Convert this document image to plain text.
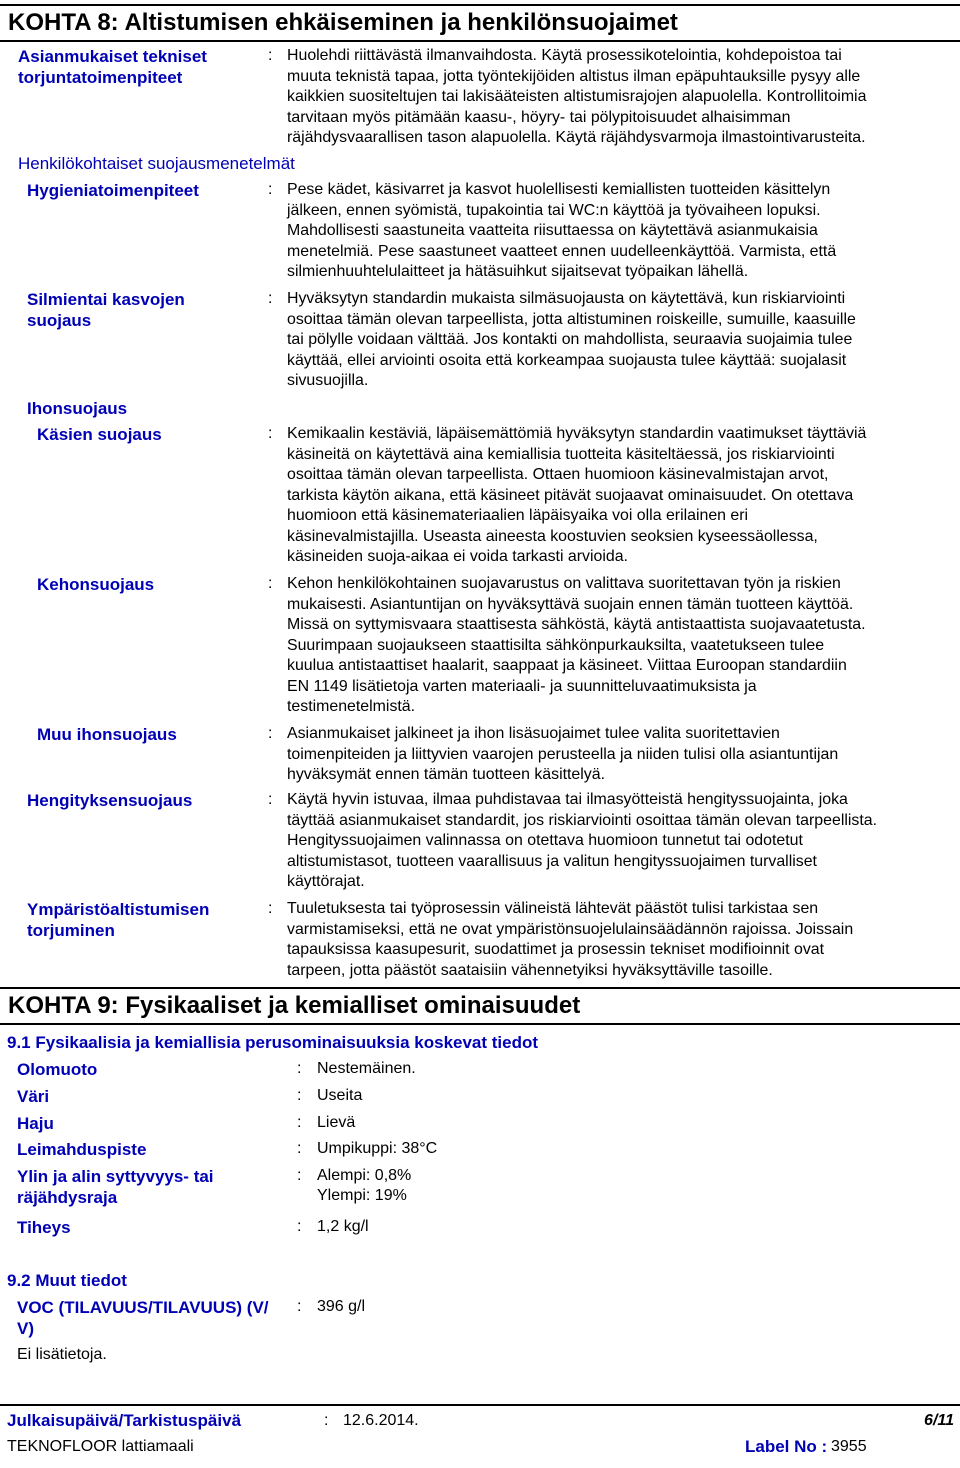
KOHTA 8: Altistumisen ehkäiseminen ja henkilönsuojaimet
Asianmukaiset tekniset
torjuntatoimenpiteet
: Huolehdi riittävästä ilmanvaihdosta. Käytä prosessikotelointia, kohdepoistoa tai
muuta teknistä tapaa, jotta työntekijöiden altistus ilman epäpuhtauksille pysyy alle
kaikkien suositeltujen tai lakisääteisten altistumisrajojen alapuolella. Kontrollitoimia
tarvitaan myös pitämään kaasu-, höyry- tai pölypitoisuudet alhaisimman
räjähdysvaarallisen tason alapuolella. Käytä räjähdysvarmoja ilmastointivarusteita.
Henkilökohtaiset suojausmenetelmät
Hygieniatoimenpiteet	: Pese kädet, käsivarret ja kasvot huolellisesti kemiallisten tuotteiden käsittelyn
jälkeen, ennen syömistä, tupakointia tai WC:n käyttöä ja työvaiheen lopuksi.
Mahdollisesti saastuneita vaatteita riisuttaessa on käytettävä asianmukaisia
menetelmiä. Pese saastuneet vaatteet ennen uudelleenkäyttöä. Varmista, että
silmienhuuhtelulaitteet ja hätäsuihkut sijaitsevat työpaikan lähellä.
Silmientai kasvojen
suojaus
: Hyväksytyn standardin mukaista silmäsuojausta on käytettävä, kun riskiarviointi
osoittaa tämän olevan tarpeellista, jotta altistuminen roiskeille, sumuille, kaasuille
tai pölylle voidaan välttää. Jos kontakti on mahdollista, seuraavia suojaimia tulee
käyttää, ellei arviointi osoita että korkeampaa suojausta tulee käyttää: suojalasit
sivusuojilla.
Ihonsuojaus
Käsien suojaus	: Kemikaalin kestäviä, läpäisemättömiä hyväksytyn standardin vaatimukset täyttäviä
käsineitä on käytettävä aina kemiallisia tuotteita käsiteltäessä, jos riskiarviointi
osoittaa tämän olevan tarpeellista. Ottaen huomioon käsinevalmistajan arvot,
tarkista käytön aikana, että käsineet pitävät suojaavat ominaisuudet. On otettava
huomioon että käsinemateriaalien läpäisyaika voi olla erilainen eri
käsinevalmistajilla. Useasta aineesta koostuvien seoksien kyseessäollessa,
käsineiden suoja-aikaa ei voida tarkasti arvioida.
Kehonsuojaus	: Kehon henkilökohtainen suojavarustus on valittava suoritettavan työn ja riskien
mukaisesti. Asiantuntijan on hyväksyttävä suojain ennen tämän tuotteen käyttöä.
Missä on syttymisvaara staattisesta sähköstä, käytä antistaattista suojavaatetusta.
Suurimpaan suojaukseen staattisilta sähkönpurkauksilta, vaatetukseen tulee
kuulua antistaattiset haalarit, saappaat ja käsineet. Viittaa Euroopan standardiin
EN 1149 lisätietoja varten materiaali- ja suunnitteluvaatimuksista ja
testimenetelmistä.
Muu ihonsuojaus	: Asianmukaiset jalkineet ja ihon lisäsuojaimet tulee valita suoritettavien
toimenpiteiden ja liittyvien vaarojen perusteella ja niiden tulisi olla asiantuntijan
hyväksymät ennen tämän tuotteen käsittelyä.
Hengityksensuojaus	: Käytä hyvin istuvaa, ilmaa puhdistavaa tai ilmasyötteistä hengityssuojainta, joka
täyttää asianmukaiset standardit, jos riskiarviointi osoittaa tämän olevan tarpeellista.
Hengityssuojaimen valinnassa on otettava huomioon tunnetut tai odotetut
altistumistasot, tuotteen vaarallisuus ja valitun hengityssuojaimen turvalliset
käyttörajat.
Ympäristöaltistumisen
torjuminen
: Tuuletuksesta tai työprosessin välineistä lähtevät päästöt tulisi tarkistaa sen
varmistamiseksi, että ne ovat ympäristönsuojelulainsäädännön rajoissa. Joissain
tapauksissa kaasupesurit, suodattimet ja prosessin tekniset modifioinnit ovat
tarpeen, jotta päästöt saataisiin vähennetyiksi hyväksyttäville tasoille.
KOHTA 9: Fysikaaliset ja kemialliset ominaisuudet
9.1 Fysikaalisia ja kemiallisia perusominaisuuksia koskevat tiedot
Olomuoto	: Nestemäinen.
Väri	: Useita
Haju	: Lievä
Leimahduspiste	: Umpikuppi: 38°C
Ylin ja alin syttyvyys- tai
räjähdysraja
: Alempi: 0,8%
Ylempi: 19%
Tiheys	: 1,2 kg/l
9.2 Muut tiedot
VOC (TILAVUUS/TILAVUUS) (V/
V)
: 396 g/l
Ei lisätietoja.
Julkaisupäivä/Tarkistuspäivä	: 12.6.2014.	6/11
TEKNOFLOOR lattiamaali	Label No : 3955
